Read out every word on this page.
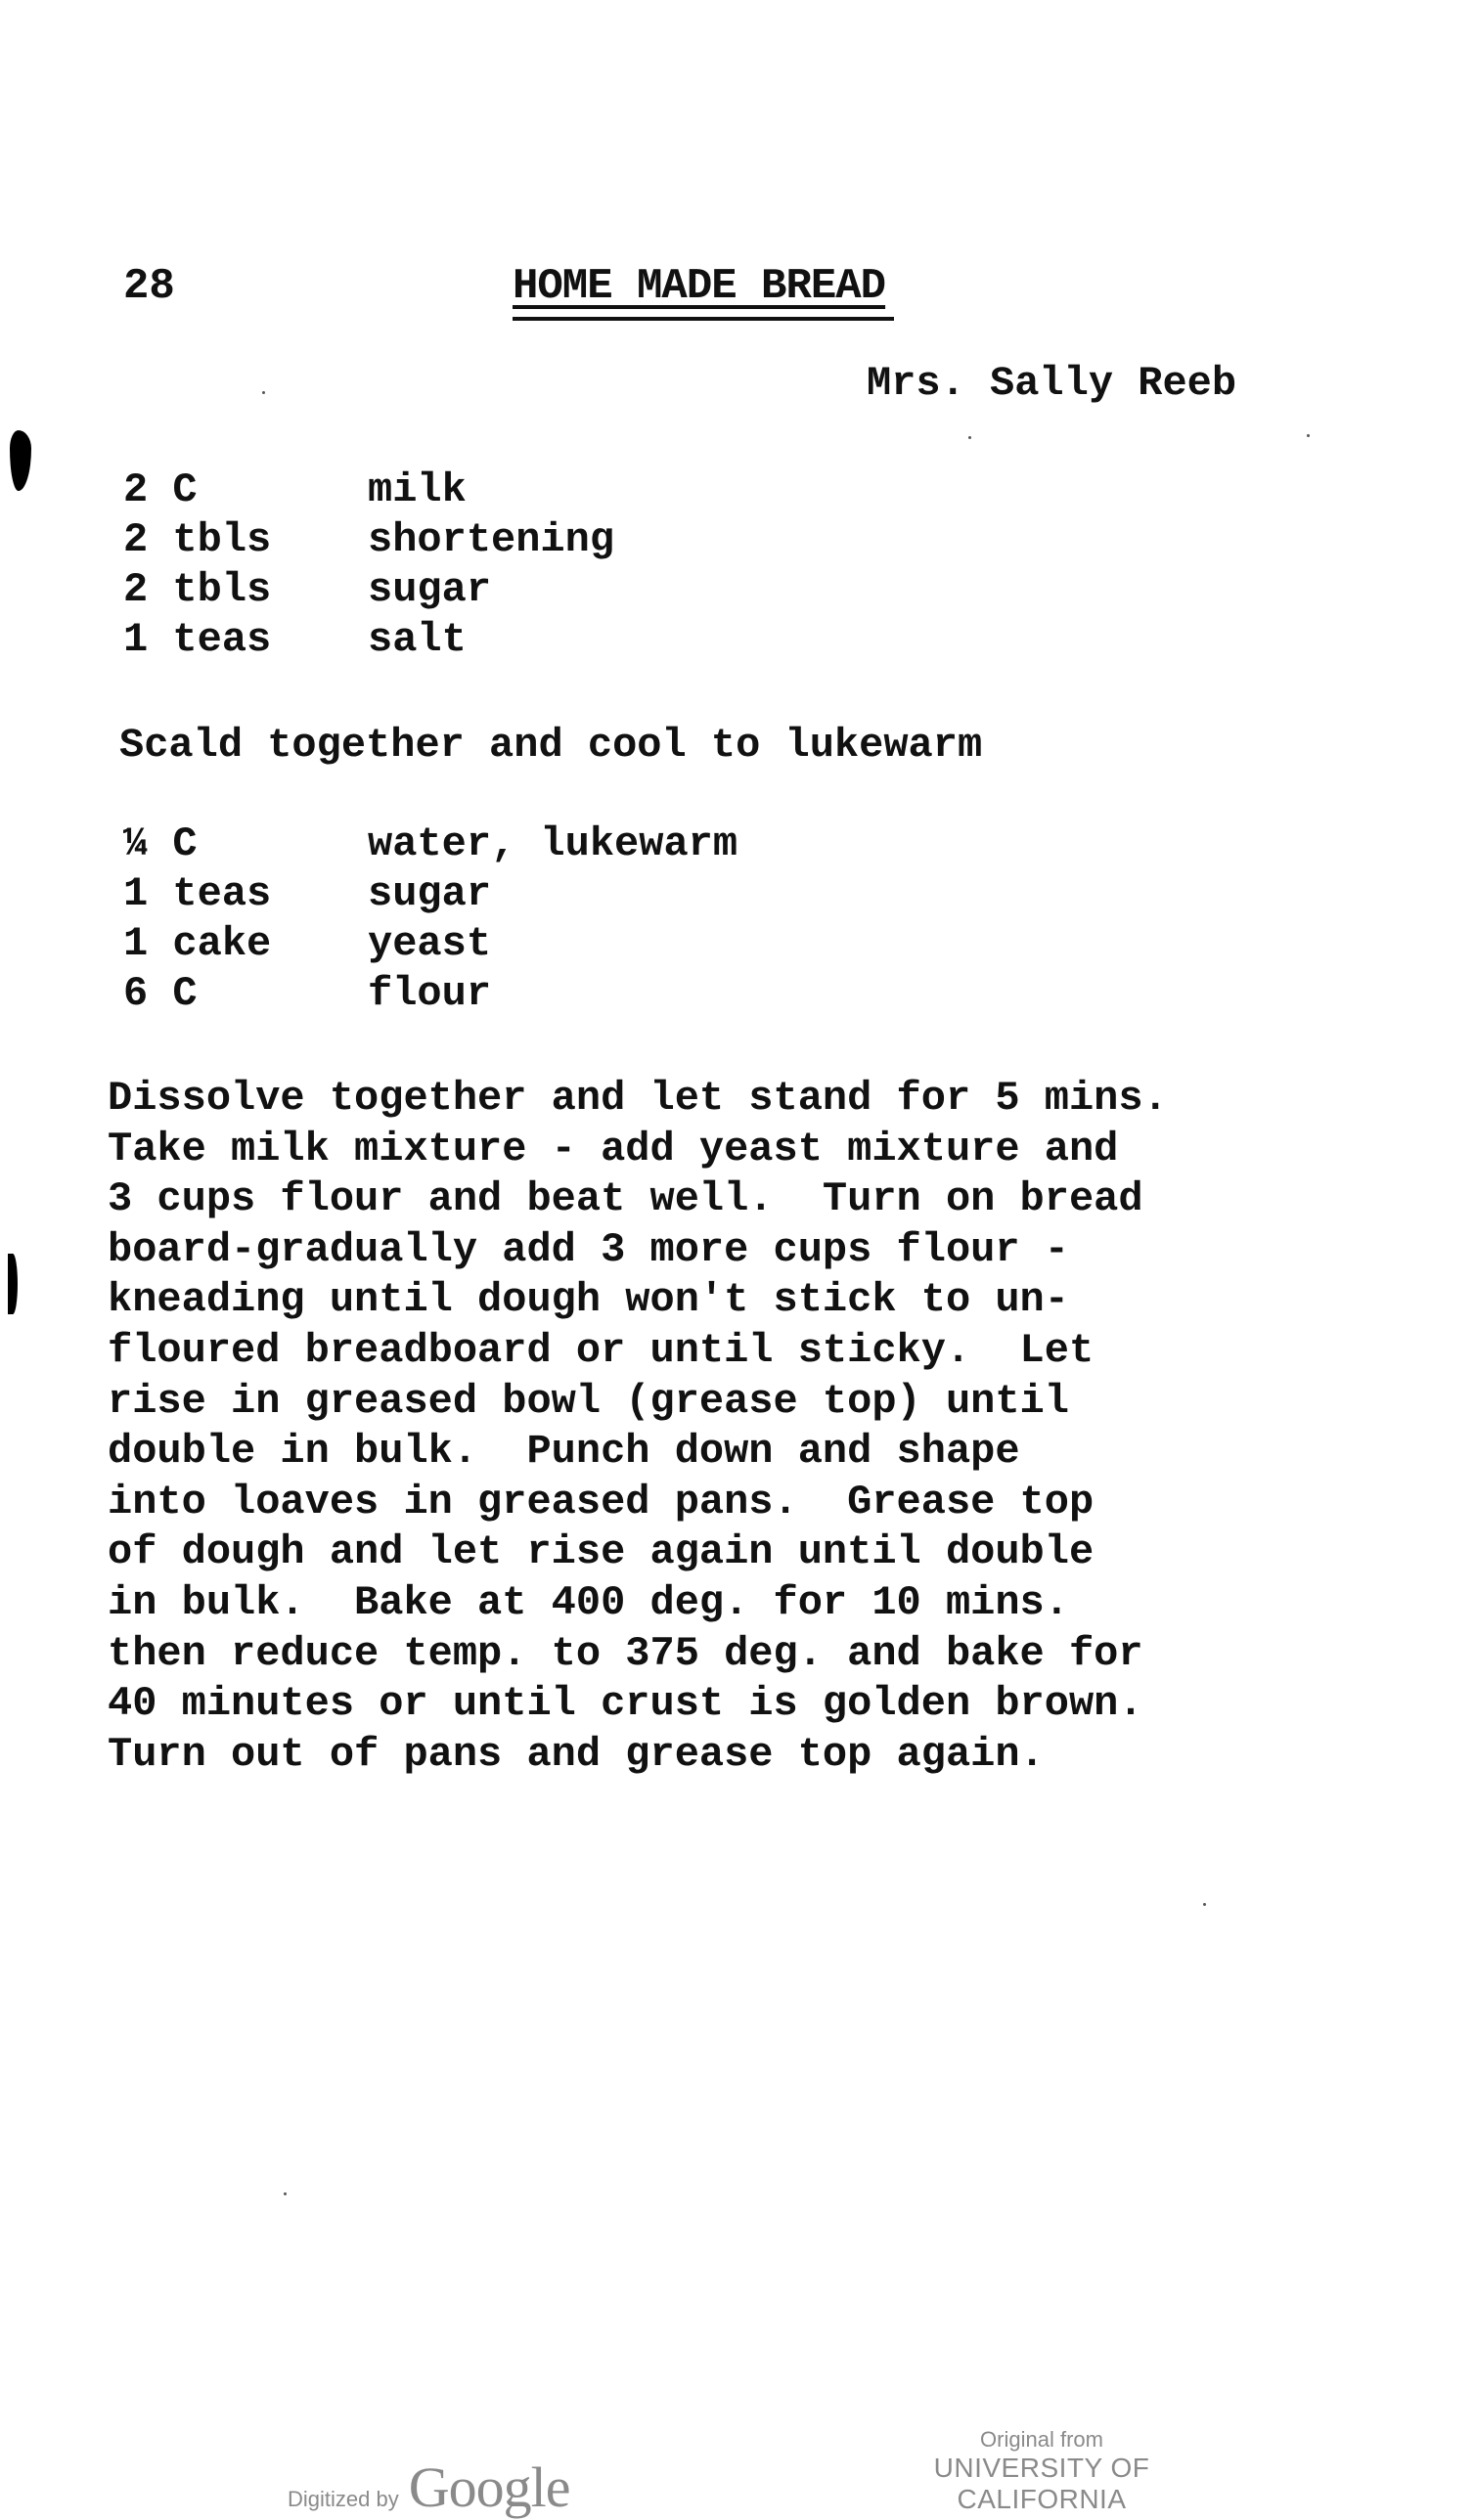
28	HOME MADE BREAD
Mrs. Sally Reeb
2 C	milk
2 tbls	shortening
2 tbls	sugar
1 teas	salt
Scald together and cool to lukewarm
¼ C	water, lukewarm
1 teas	sugar
1 cake	yeast
6 C	flour
Dissolve together and let stand for 5 mins.
Take milk mixture - add yeast mixture and
3 cups flour and beat well.  Turn on bread
board-gradually add 3 more cups flour -
kneading until dough won't stick to un-
floured breadboard or until sticky.  Let
rise in greased bowl (grease top) until
double in bulk.  Punch down and shape
into loaves in greased pans.  Grease top
of dough and let rise again until double
in bulk.  Bake at 400 deg. for 10 mins.
then reduce temp. to 375 deg. and bake for
40 minutes or until crust is golden brown.
Turn out of pans and grease top again.
Digitized by Google
Original from
UNIVERSITY OF CALIFORNIA
